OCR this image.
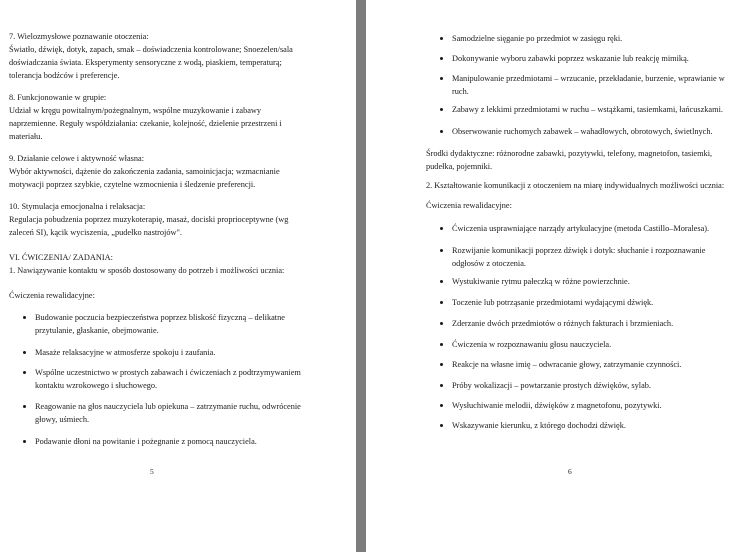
7. Wielozmysłowe poznawanie otoczenia:
Światło, dźwięk, dotyk, zapach, smak – doświadczenia kontrolowane; Snoezelen/sala
doświadczania świata. Eksperymenty sensoryczne z wodą, piaskiem, temperaturą;
tolerancja bodźców i preferencje.
8. Funkcjonowanie w grupie:
Udział w kręgu powitalnym/pożegnalnym, wspólne muzykowanie i zabawy
naprzemienne. Reguły współdziałania: czekanie, kolejność, dzielenie przestrzeni i
materiału.
9. Działanie celowe i aktywność własna:
Wybór aktywności, dążenie do zakończenia zadania, samoinicjacja; wzmacnianie
motywacji poprzez szybkie, czytelne wzmocnienia i śledzenie preferencji.
10. Stymulacja emocjonalna i relaksacja:
Regulacja pobudzenia poprzez muzykoterapię, masaż, dociski proprioceptywne (wg
zaleceń SI), kącik wyciszenia, „pudełko nastrojów".
VI. ĆWICZENIA/ ZADANIA:
1. Nawiązywanie kontaktu w sposób dostosowany do potrzeb i możliwości ucznia:
Ćwiczenia rewalidacyjne:
Budowanie poczucia bezpieczeństwa poprzez bliskość fizyczną – delikatne
przytulanie, głaskanie, obejmowanie.
Masaże relaksacyjne w atmosferze spokoju i zaufania.
Wspólne uczestnictwo w prostych zabawach i ćwiczeniach z podtrzymywaniem
kontaktu wzrokowego i słuchowego.
Reagowanie na głos nauczyciela lub opiekuna – zatrzymanie ruchu, odwrócenie
głowy, uśmiech.
Podawanie dłoni na powitanie i pożegnanie z pomocą nauczyciela.
5
Samodzielne sięganie po przedmiot w zasięgu ręki.
Dokonywanie wyboru zabawki poprzez wskazanie lub reakcję mimiką.
Manipulowanie przedmiotami – wrzucanie, przekładanie, burzenie, wprawianie w
ruch.
Zabawy z lekkimi przedmiotami w ruchu – wstążkami, tasiemkami, łańcuszkami.
Obserwowanie ruchomych zabawek – wahadłowych, obrotowych, świetlnych.
Środki dydaktyczne: różnorodne zabawki, pozytywki, telefony, magnetofon, tasiemki,
pudełka, pojemniki.
2. Kształtowanie komunikacji z otoczeniem na miarę indywidualnych możliwości ucznia:
Ćwiczenia rewalidacyjne:
Ćwiczenia usprawniające narządy artykulacyjne (metoda Castillo–Moralesa).
Rozwijanie komunikacji poprzez dźwięk i dotyk: słuchanie i rozpoznawanie
odgłosów z otoczenia.
Wystukiwanie rytmu pałeczką w różne powierzchnie.
Toczenie lub potrząsanie przedmiotami wydającymi dźwięk.
Zderzanie dwóch przedmiotów o różnych fakturach i brzmieniach.
Ćwiczenia w rozpoznawaniu głosu nauczyciela.
Reakcje na własne imię – odwracanie głowy, zatrzymanie czynności.
Próby wokalizacji – powtarzanie prostych dźwięków, sylab.
Wysłuchiwanie melodii, dźwięków z magnetofonu, pozytywki.
Wskazywanie kierunku, z którego dochodzi dźwięk.
6
